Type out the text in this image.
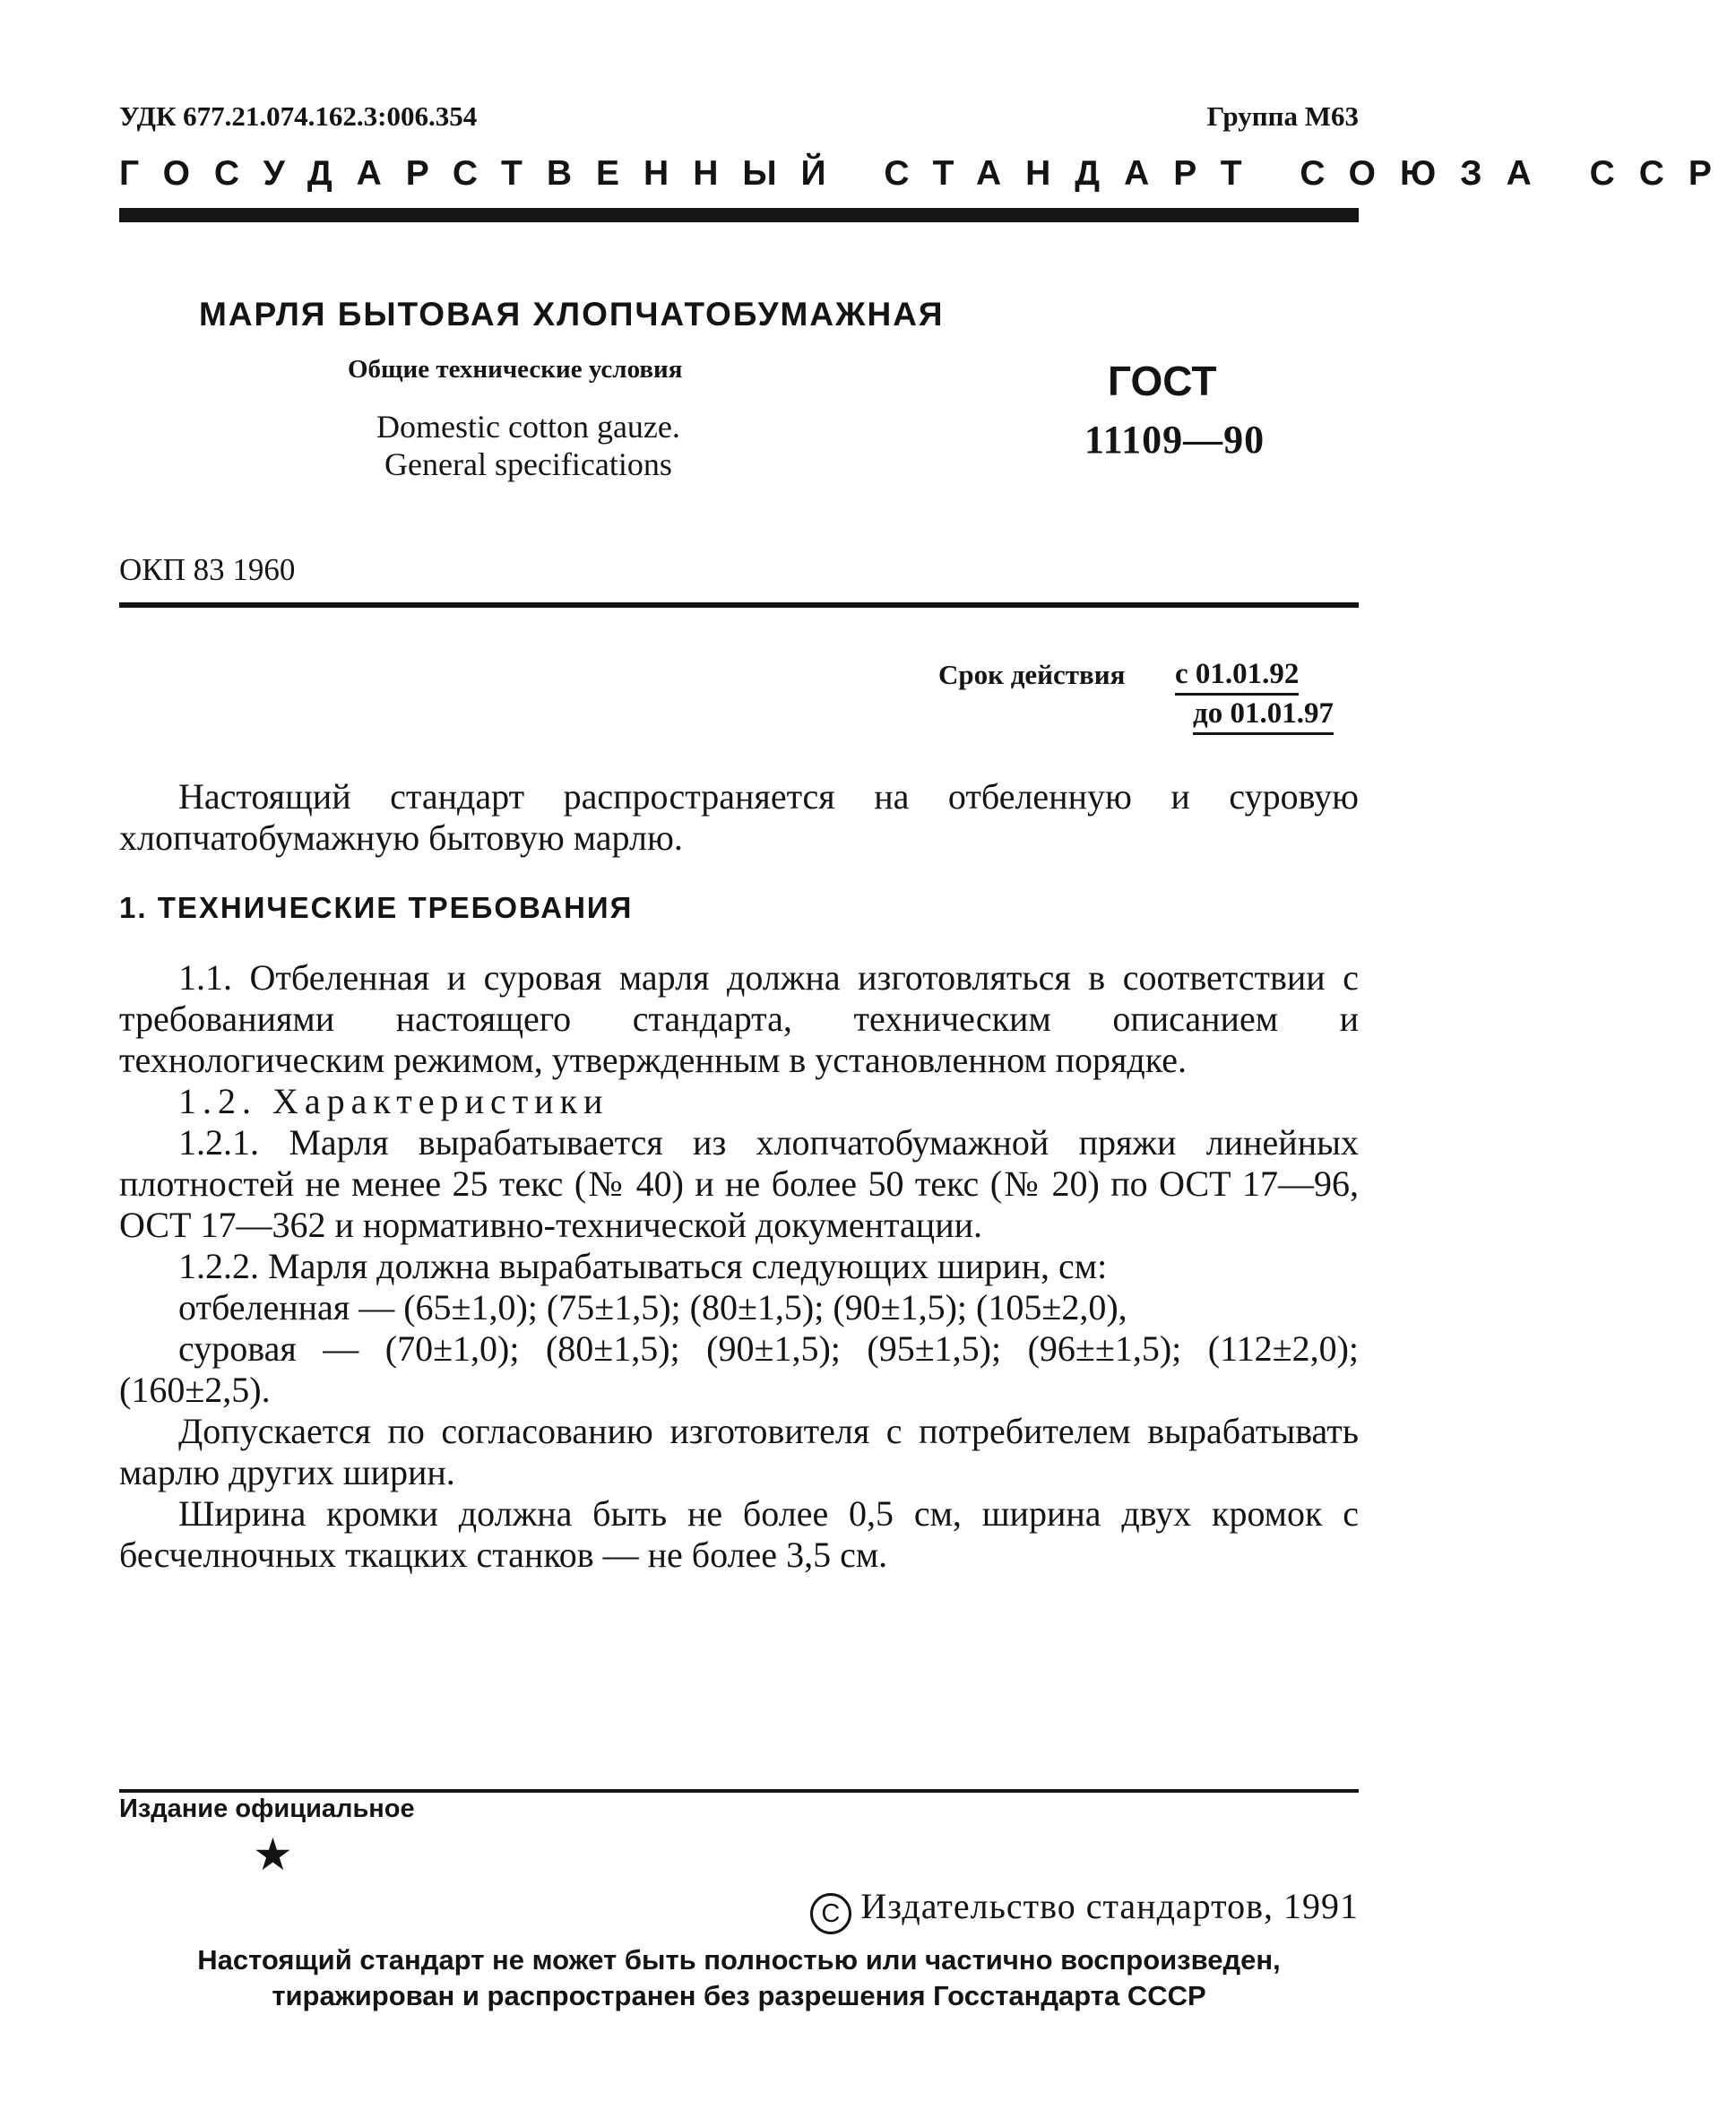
УДК 677.21.074.162.3:006.354	Группа М63
ГОСУДАРСТВЕННЫЙ СТАНДАРТ СОЮЗА ССР
МАРЛЯ БЫТОВАЯ ХЛОПЧАТОБУМАЖНАЯ
Общие технические условия
Domestic cotton gauze.
General specifications
ГОСТ
11109—90
ОКП 83 1960
Срок действия с 01.01.92
до 01.01.97

Настоящий стандарт распространяется на отбеленную и суровую хлопчатобумажную бытовую марлю.

1. ТЕХНИЧЕСКИЕ ТРЕБОВАНИЯ

1.1. Отбеленная и суровая марля должна изготовляться в соответствии с требованиями настоящего стандарта, техническим описанием и технологическим режимом, утвержденным в установленном порядке.

1.2. Характеристики

1.2.1. Марля вырабатывается из хлопчатобумажной пряжи линейных плотностей не менее 25 текс (№ 40) и не более 50 текс (№ 20) по ОСТ 17—96, ОСТ 17—362 и нормативно-технической документации.

1.2.2. Марля должна вырабатываться следующих ширин, см:

отбеленная — (65±1,0); (75±1,5); (80±1,5); (90±1,5); (105±2,0),

суровая — (70±1,0); (80±1,5); (90±1,5); (95±1,5); (96±±1,5); (112±2,0); (160±2,5).

Допускается по согласованию изготовителя с потребителем вырабатывать марлю других ширин.

Ширина кромки должна быть не более 0,5 см, ширина двух кромок с бесчелночных ткацких станков — не более 3,5 см.

Издание официальное
★
C Издательство стандартов, 1991
Настоящий стандарт не может быть полностью или частично воспроизведен,
тиражирован и распространен без разрешения Госстандарта СССР
